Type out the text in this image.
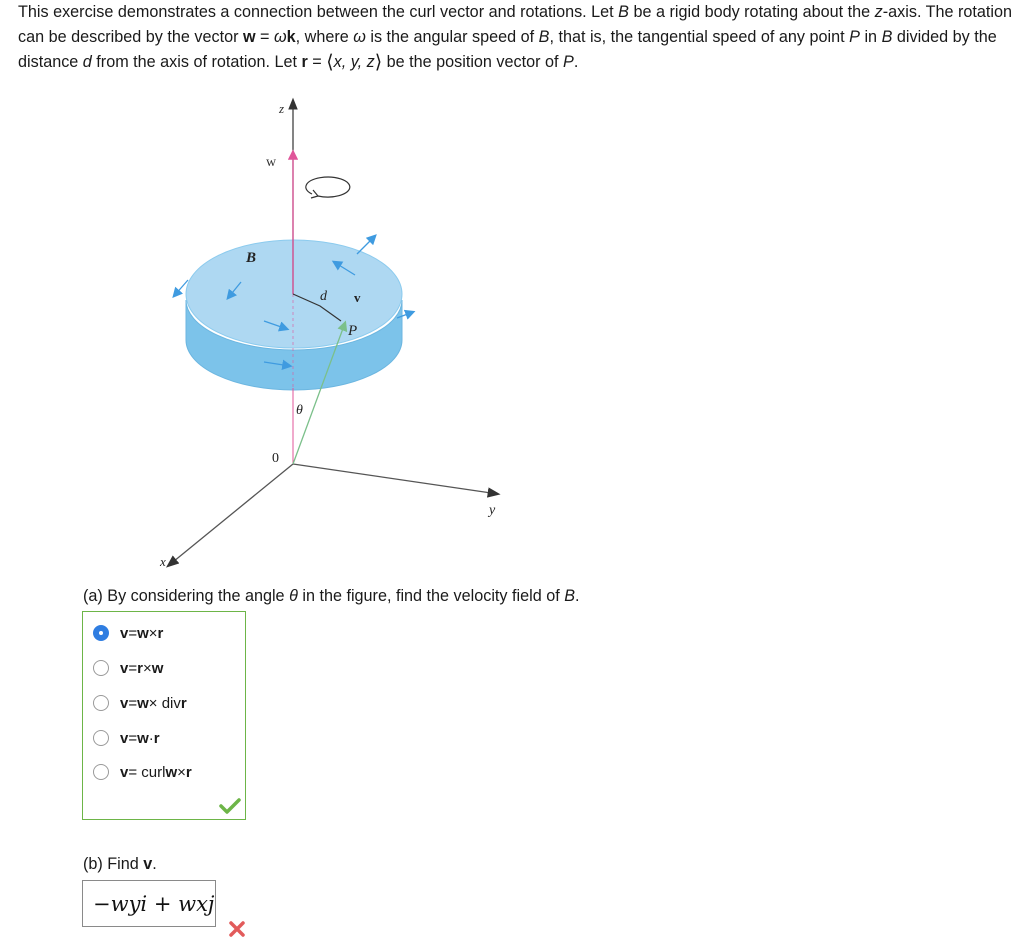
This exercise demonstrates a connection between the curl vector and rotations. Let B be a rigid body rotating about the z-axis. The rotation can be described by the vector w = ωk, where ω is the angular speed of B, that is, the tangential speed of any point P in B divided by the distance d from the axis of rotation. Let r = ⟨x, y, z⟩ be the position vector of P.

z
w
B
d v
P
θ
0
y
x

(a) By considering the angle θ in the figure, find the velocity field of B.

v = w × r
v = r × w
v = w × div r
v = w · r
v = curl w × r

(b) Find v.

−wyi + wxj
